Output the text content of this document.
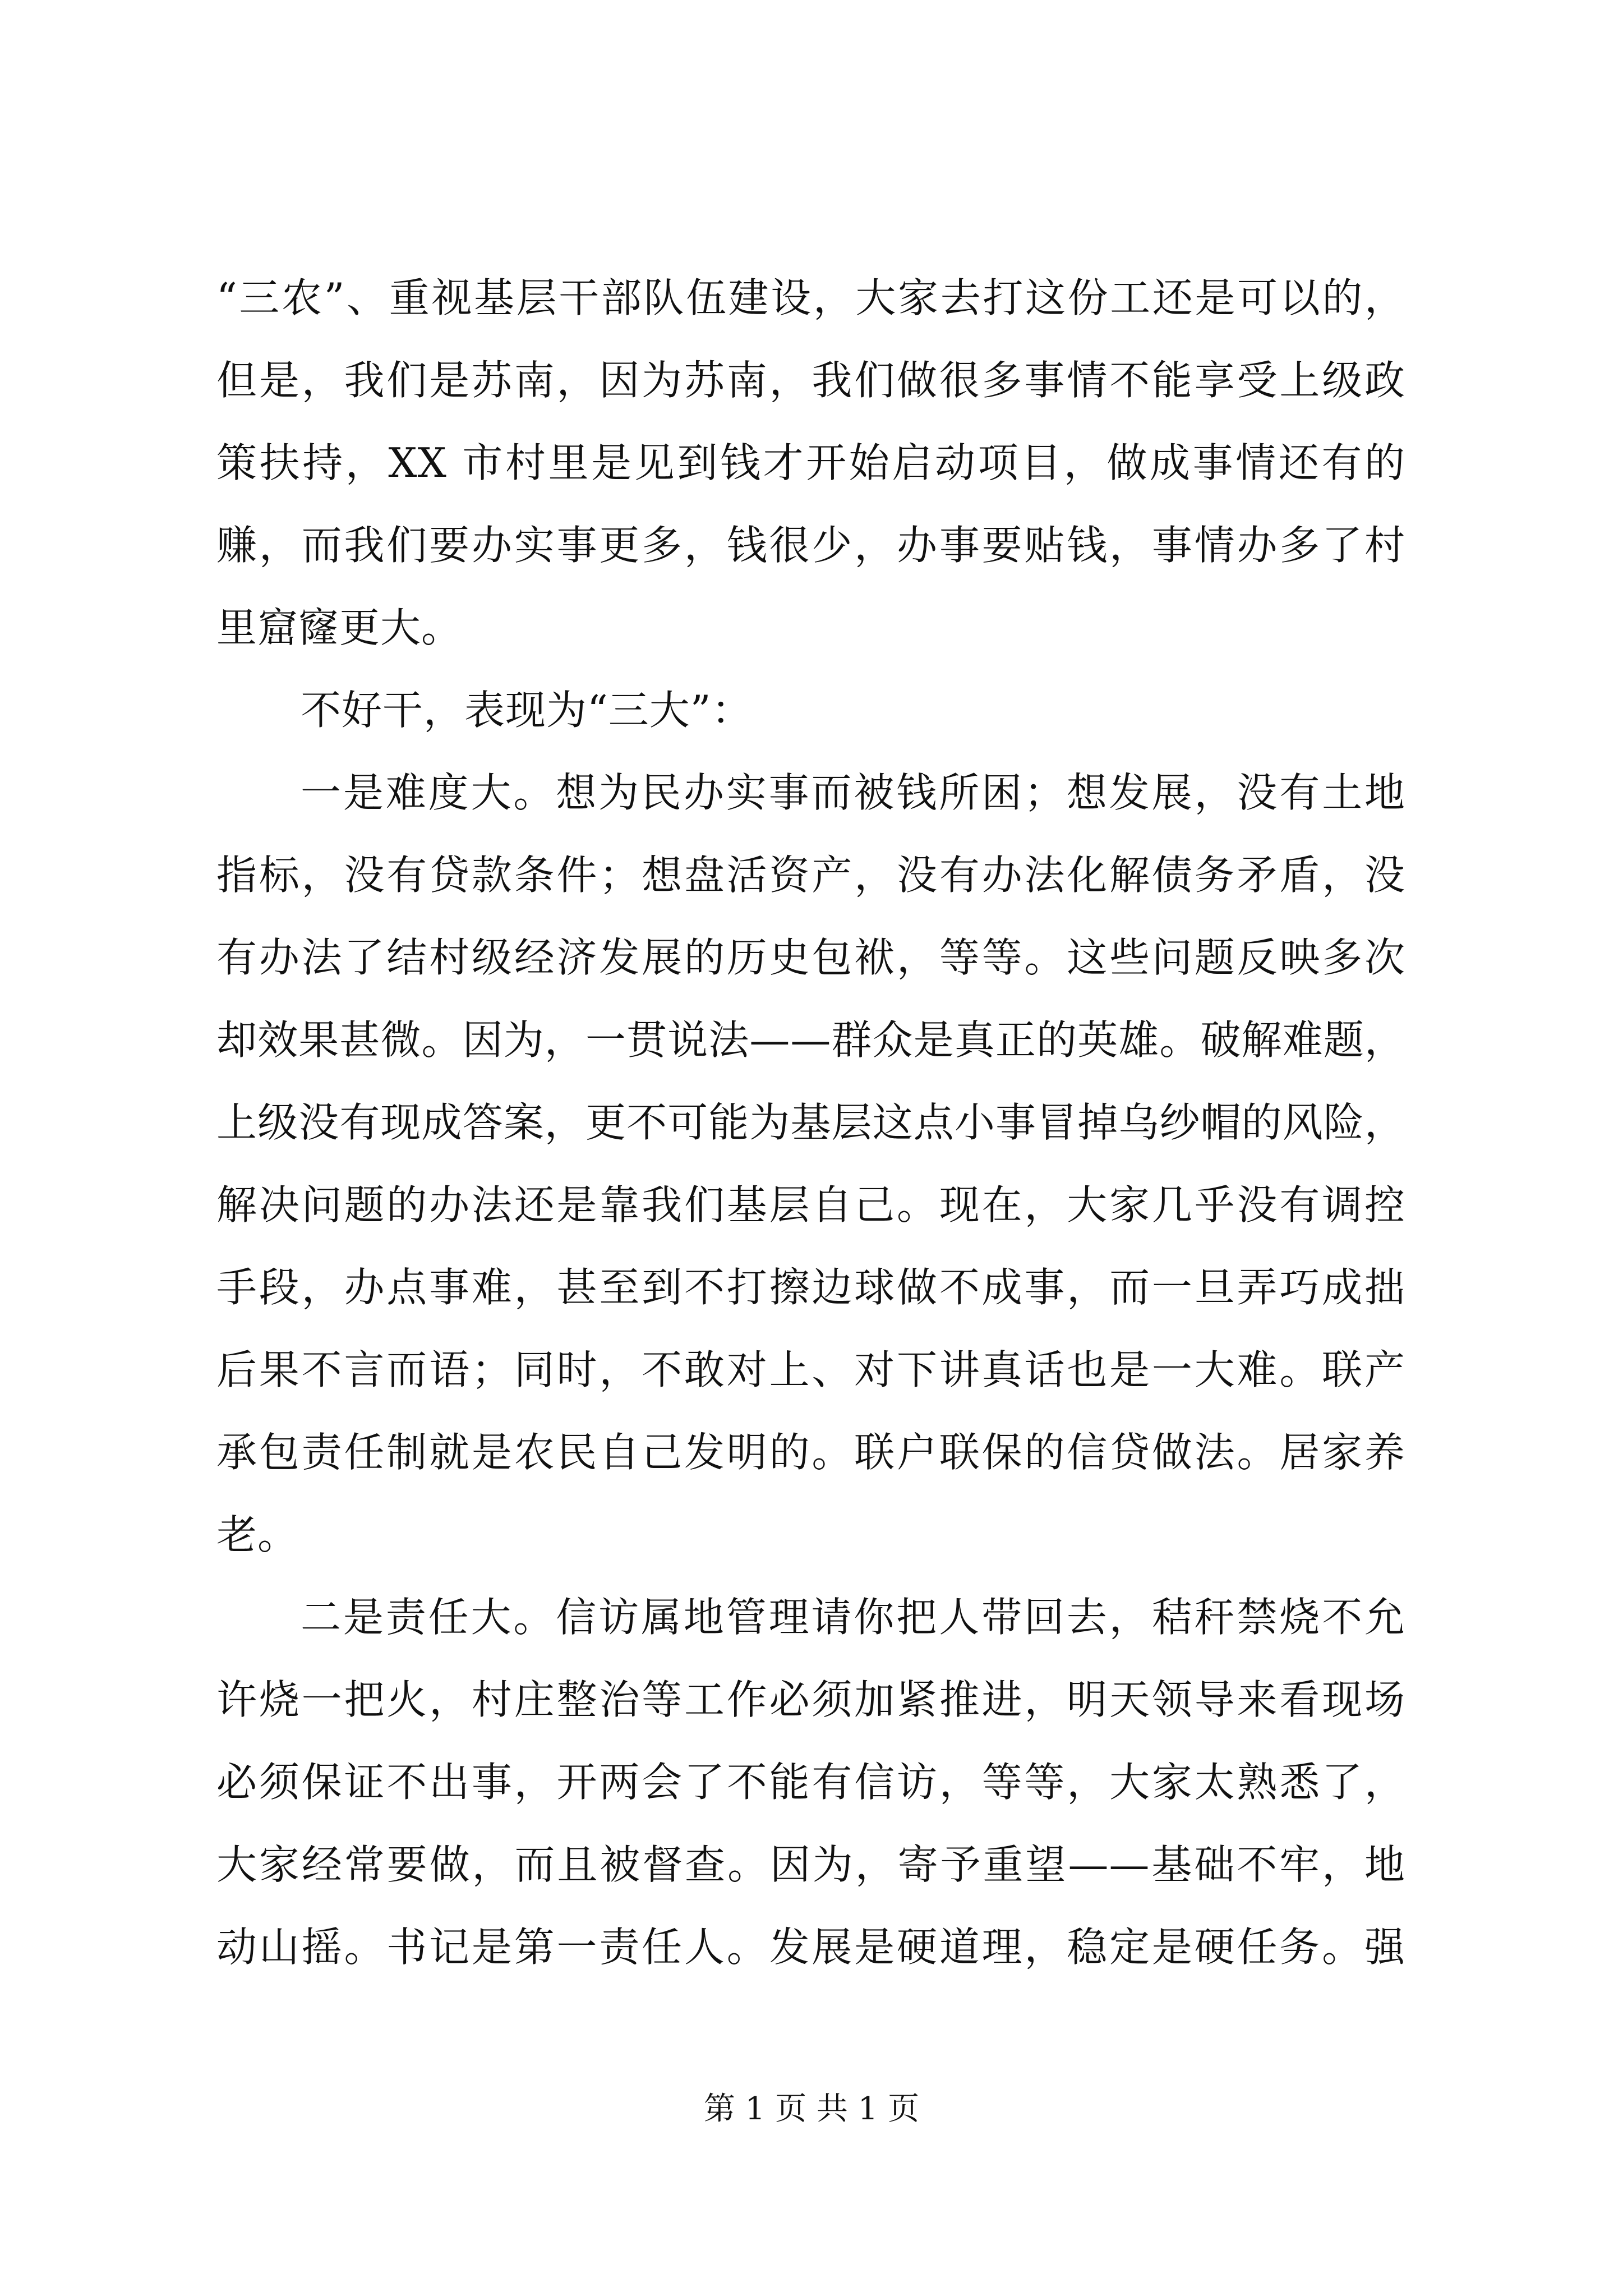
“三农”、重视基层干部队伍建设，大家去打这份工还是可以的，
但是，我们是苏南，因为苏南，我们做很多事情不能享受上级政
策扶持，XX 市村里是见到钱才开始启动项目，做成事情还有的
赚，而我们要办实事更多，钱很少，办事要贴钱，事情办多了村
里窟窿更大。
不好干，表现为“三大”：
一是难度大。想为民办实事而被钱所困；想发展，没有土地
指标，没有贷款条件；想盘活资产，没有办法化解债务矛盾，没
有办法了结村级经济发展的历史包袱，等等。这些问题反映多次
却效果甚微。因为，一贯说法——群众是真正的英雄。破解难题，
上级没有现成答案，更不可能为基层这点小事冒掉乌纱帽的风险，
解决问题的办法还是靠我们基层自己。现在，大家几乎没有调控
手段，办点事难，甚至到不打擦边球做不成事，而一旦弄巧成拙
后果不言而语；同时，不敢对上、对下讲真话也是一大难。联产
承包责任制就是农民自己发明的。联户联保的信贷做法。居家养
老。
二是责任大。信访属地管理请你把人带回去，秸秆禁烧不允
许烧一把火，村庄整治等工作必须加紧推进，明天领导来看现场
必须保证不出事，开两会了不能有信访，等等，大家太熟悉了，
大家经常要做，而且被督查。因为，寄予重望——基础不牢，地
动山摇。书记是第一责任人。发展是硬道理，稳定是硬任务。强
第 1 页 共 1 页
